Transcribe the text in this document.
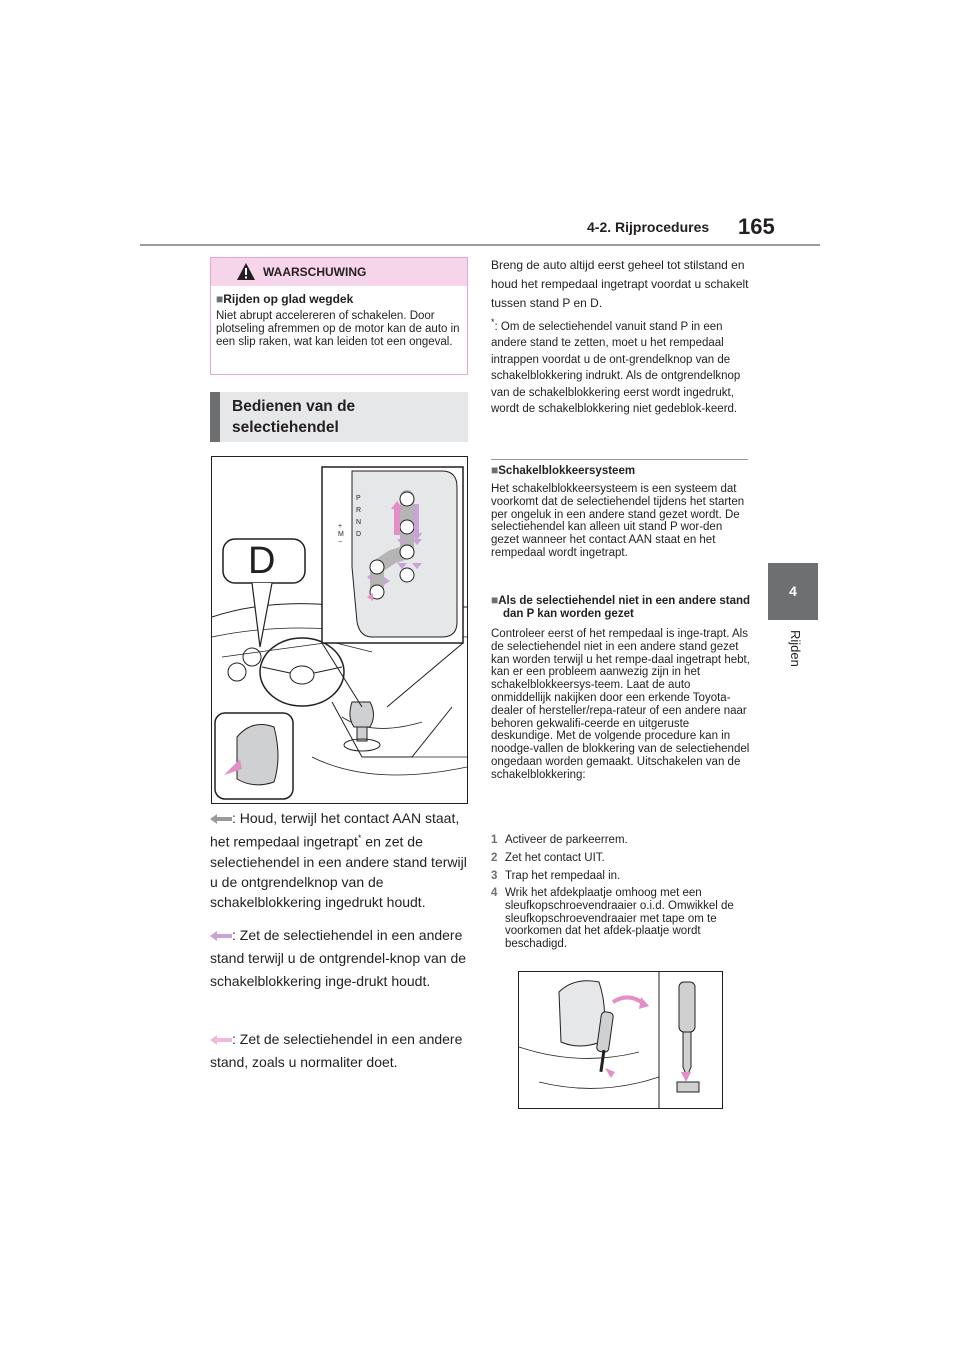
4-2. Rijprocedures 165
4
Rijden
WAARSCHUWING
■Rijden op glad wegdek
Niet abrupt accelereren of schakelen. Door plotseling afremmen op de motor kan de auto in een slip raken, wat kan leiden tot een ongeval.
Bedienen van de selectiehendel
P
R
N
D
+
M
−
D
: Houd, terwijl het contact AAN staat, het rempedaal ingetrapt* en zet de selectiehendel in een andere stand terwijl u de ontgrendelknop van de schakelblokkering ingedrukt houdt.
: Zet de selectiehendel in een andere stand terwijl u de ontgrendel-knop van de schakelblokkering inge-drukt houdt.
: Zet de selectiehendel in een andere stand, zoals u normaliter doet.
Breng de auto altijd eerst geheel tot stilstand en houd het rempedaal ingetrapt voordat u schakelt tussen stand P en D.
*: Om de selectiehendel vanuit stand P in een andere stand te zetten, moet u het rempedaal intrappen voordat u de ont-grendelknop van de schakelblokkering indrukt. Als de ontgrendelknop van de schakelblokkering eerst wordt ingedrukt, wordt de schakelblokkering niet gedeblok-keerd.
■Schakelblokkeersysteem
Het schakelblokkeersysteem is een systeem dat voorkomt dat de selectiehendel tijdens het starten per ongeluk in een andere stand gezet wordt. De selectiehendel kan alleen uit stand P wor-den gezet wanneer het contact AAN staat en het rempedaal wordt ingetrapt.
■Als de selectiehendel niet in een andere stand dan P kan worden gezet
Controleer eerst of het rempedaal is inge-trapt. Als de selectiehendel niet in een andere stand gezet kan worden terwijl u het rempe-daal ingetrapt hebt, kan er een probleem aanwezig zijn in het schakelblokkeersys-teem. Laat de auto onmiddellijk nakijken door een erkende Toyota-dealer of hersteller/repa-rateur of een andere naar behoren gekwalifi-ceerde en uitgeruste deskundige. Met de volgende procedure kan in noodge-vallen de blokkering van de selectiehendel ongedaan worden gemaakt. Uitschakelen van de schakelblokkering:
1 Activeer de parkeerrem.
2 Zet het contact UIT.
3 Trap het rempedaal in.
4 Wrik het afdekplaatje omhoog met een sleufkopschroevendraaier o.i.d. Omwikkel de sleufkopschroevendraaier met tape om te voorkomen dat het afdek-plaatje wordt beschadigd.
